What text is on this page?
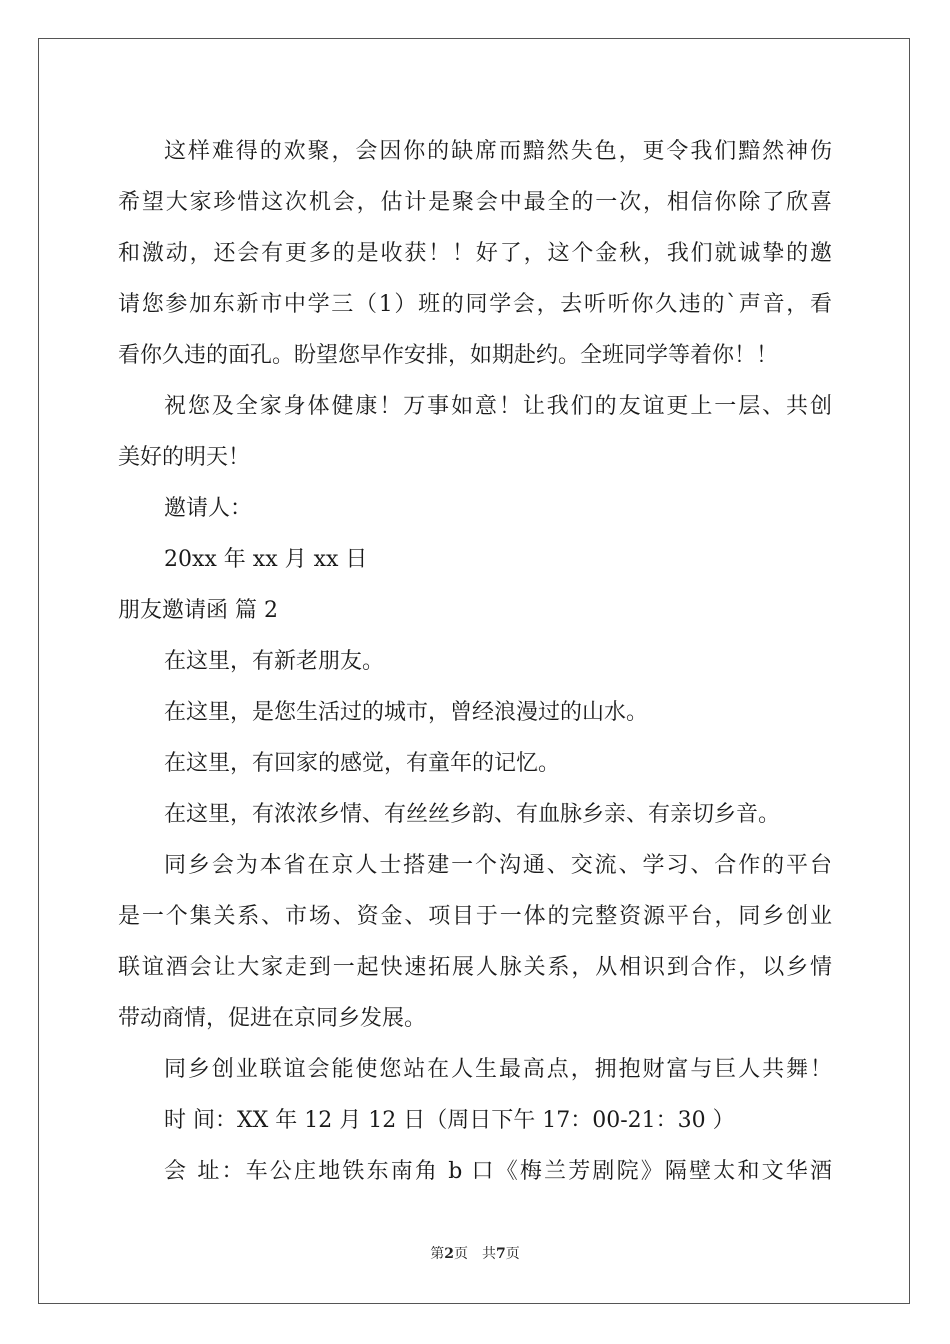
这样难得的欢聚，会因你的缺席而黯然失色，更令我们黯然神伤
希望大家珍惜这次机会，估计是聚会中最全的一次，相信你除了欣喜
和激动，还会有更多的是收获！！好了，这个金秋，我们就诚挚的邀
请您参加东新市中学三（1）班的同学会，去听听你久违的`声音，看
看你久违的面孔。盼望您早作安排，如期赴约。全班同学等着你！！
祝您及全家身体健康！万事如意！让我们的友谊更上一层、共创
美好的明天！
邀请人：
20xx 年 xx 月 xx 日
朋友邀请函 篇 2
在这里，有新老朋友。
在这里，是您生活过的城市，曾经浪漫过的山水。
在这里，有回家的感觉，有童年的记忆。
在这里，有浓浓乡情、有丝丝乡韵、有血脉乡亲、有亲切乡音。
同乡会为本省在京人士搭建一个沟通、交流、学习、合作的平台
是一个集关系、市场、资金、项目于一体的完整资源平台，同乡创业
联谊酒会让大家走到一起快速拓展人脉关系，从相识到合作，以乡情
带动商情，促进在京同乡发展。
同乡创业联谊会能使您站在人生最高点，拥抱财富与巨人共舞！
时 间：XX 年 12 月 12 日（周日下午 17：00-21：30 ）
会 址：车公庄地铁东南角 b 口《梅兰芳剧院》隔壁太和文华酒
第2页 共7页
